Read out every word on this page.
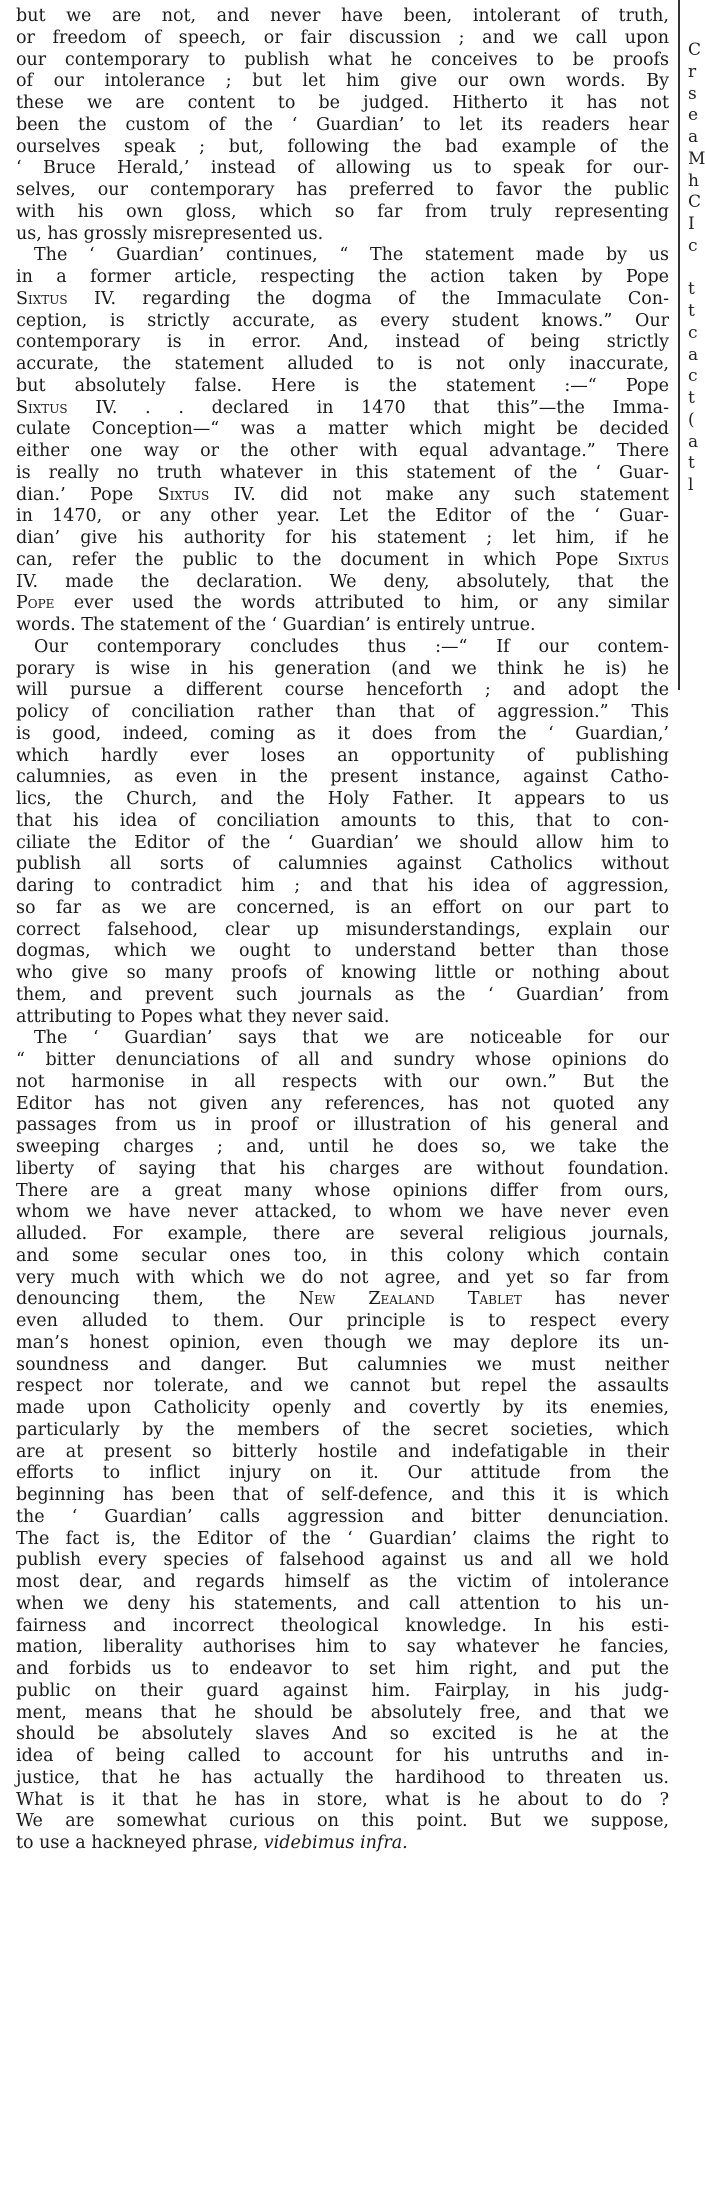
but we are not, and never have been, intolerant of truth,
or freedom of speech, or fair discussion ; and we call upon
our contemporary to publish what he conceives to be proofs
of our intolerance ; but let him give our own words. By
these we are content to be judged. Hitherto it has not
been the custom of the ‘ Guardian’ to let its readers hear
ourselves speak ; but, following the bad example of the
‘ Bruce Herald,’ instead of allowing us to speak for our-
selves, our contemporary has preferred to favor the public
with his own gloss, which so far from truly representing
us, has grossly misrepresented us.

The ‘ Guardian’ continues, “ The statement made by us
in a former article, respecting the action taken by Pope
Sixtus IV. regarding the dogma of the Immaculate Con-
ception, is strictly accurate, as every student knows.” Our
contemporary is in error. And, instead of being strictly
accurate, the statement alluded to is not only inaccurate,
but absolutely false. Here is the statement :—“ Pope
Sixtus IV. . . declared in 1470 that this”—the Imma-
culate Conception—“ was a matter which might be decided
either one way or the other with equal advantage.” There
is really no truth whatever in this statement of the ‘ Guar-
dian.’ Pope Sixtus IV. did not make any such statement
in 1470, or any other year. Let the Editor of the ‘ Guar-
dian’ give his authority for his statement ; let him, if he
can, refer the public to the document in which Pope Sixtus
IV. made the declaration. We deny, absolutely, that the
Pope ever used the words attributed to him, or any similar
words. The statement of the ‘ Guardian’ is entirely untrue.

Our contemporary concludes thus :—“ If our contem-
porary is wise in his generation (and we think he is) he
will pursue a different course henceforth ; and adopt the
policy of conciliation rather than that of aggression.” This
is good, indeed, coming as it does from the ‘ Guardian,’
which hardly ever loses an opportunity of publishing
calumnies, as even in the present instance, against Catho-
lics, the Church, and the Holy Father. It appears to us
that his idea of conciliation amounts to this, that to con-
ciliate the Editor of the ‘ Guardian’ we should allow him to
publish all sorts of calumnies against Catholics without
daring to contradict him ; and that his idea of aggression,
so far as we are concerned, is an effort on our part to
correct falsehood, clear up misunderstandings, explain our
dogmas, which we ought to understand better than those
who give so many proofs of knowing little or nothing about
them, and prevent such journals as the ‘ Guardian’ from
attributing to Popes what they never said.

The ‘ Guardian’ says that we are noticeable for our
“ bitter denunciations of all and sundry whose opinions do
not harmonise in all respects with our own.” But the
Editor has not given any references, has not quoted any
passages from us in proof or illustration of his general and
sweeping charges ; and, until he does so, we take the
liberty of saying that his charges are without foundation.
There are a great many whose opinions differ from ours,
whom we have never attacked, to whom we have never even
alluded. For example, there are several religious journals,
and some secular ones too, in this colony which contain
very much with which we do not agree, and yet so far from
denouncing them, the New Zealand Tablet has never
even alluded to them. Our principle is to respect every
man’s honest opinion, even though we may deplore its un-
soundness and danger. But calumnies we must neither
respect nor tolerate, and we cannot but repel the assaults
made upon Catholicity openly and covertly by its enemies,
particularly by the members of the secret societies, which
are at present so bitterly hostile and indefatigable in their
efforts to inflict injury on it. Our attitude from the
beginning has been that of self-defence, and this it is which
the ‘ Guardian’ calls aggression and bitter denunciation.
The fact is, the Editor of the ‘ Guardian’ claims the right to
publish every species of falsehood against us and all we hold
most dear, and regards himself as the victim of intolerance
when we deny his statements, and call attention to his un-
fairness and incorrect theological knowledge. In his esti-
mation, liberality authorises him to say whatever he fancies,
and forbids us to endeavor to set him right, and put the
public on their guard against him. Fairplay, in his judg-
ment, means that he should be absolutely free, and that we
should be absolutely slaves And so excited is he at the
idea of being called to account for his untruths and in-
justice, that he has actually the hardihood to threaten us.
What is it that he has in store, what is he about to do ?
We are somewhat curious on this point. But we suppose,
to use a hackneyed phrase, videbimus infra.

C
r
s
e
a
M
h
C
I
c

t
t
c
a
c
t
(
a
t
l
